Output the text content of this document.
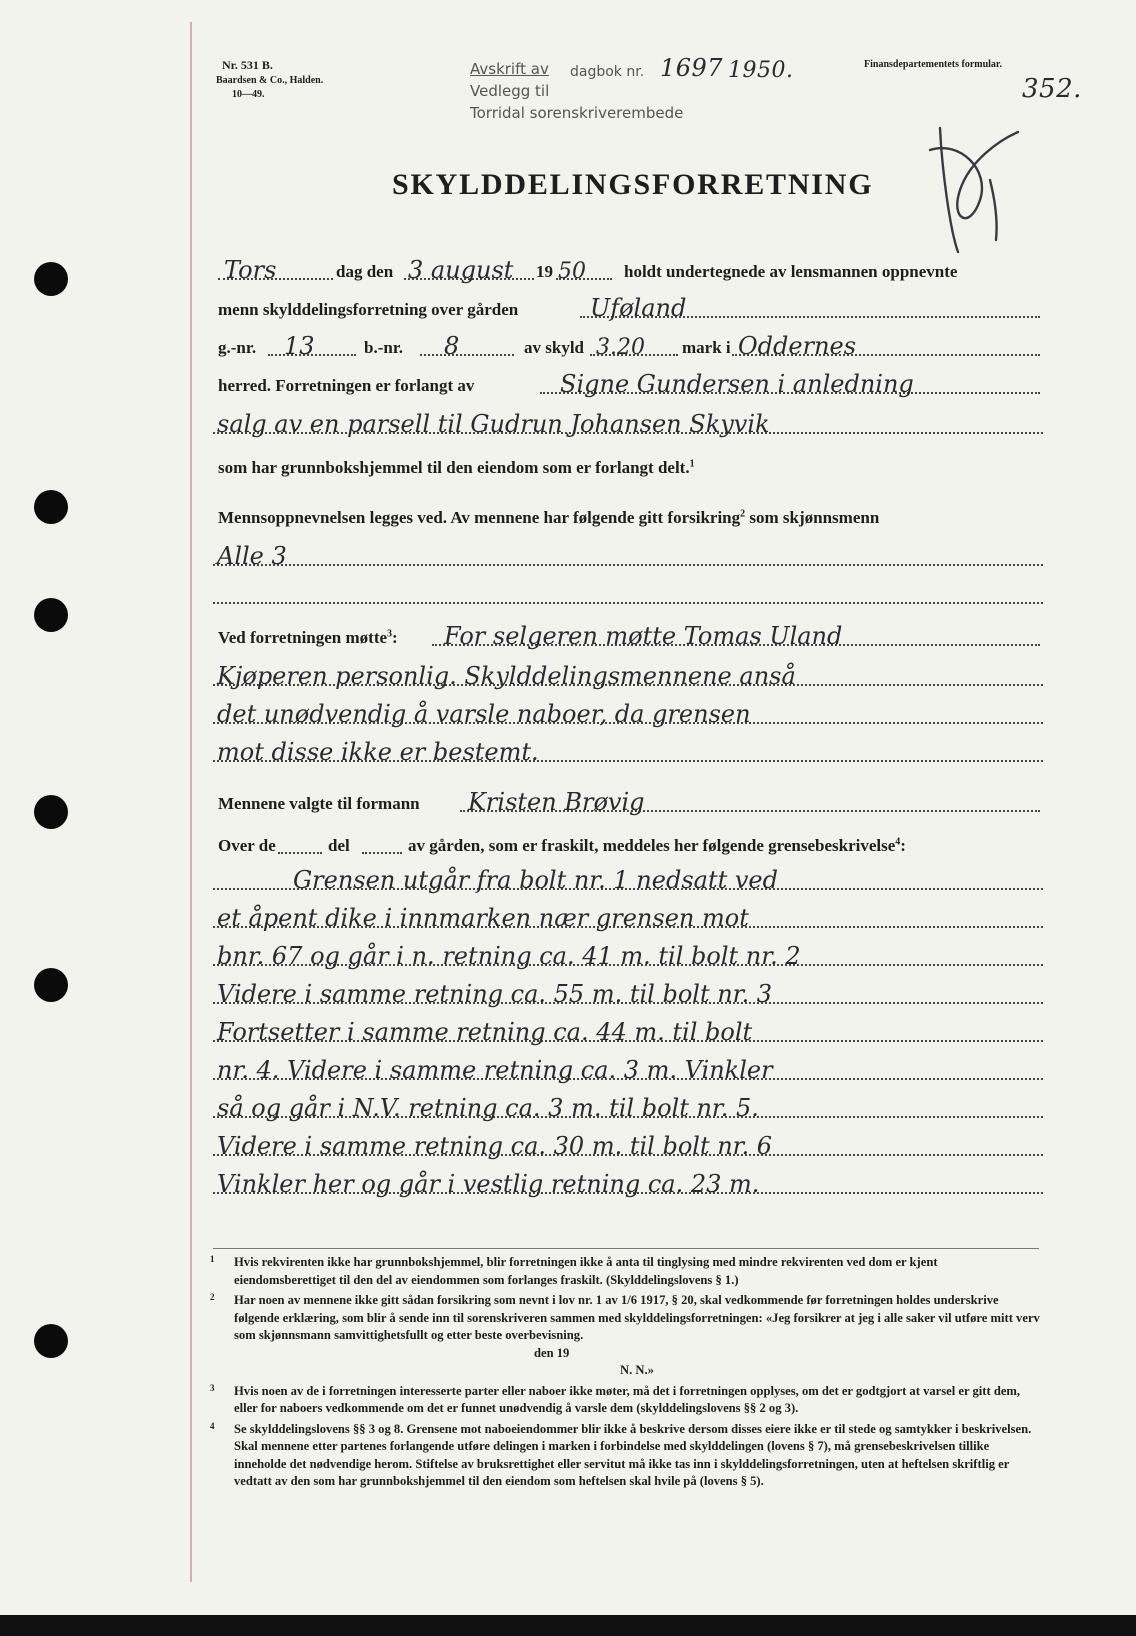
Nr. 531 B.
Baardsen & Co., Halden.
10—49.
Finansdepartementets formular.
352.
Avskrift av dagbok nr. 1697 1950.
Vedlegg til
Torridal sorenskriverembede
SKYLDDELINGSFORRETNING
Tors	dag den 3 august 19 50 holdt undertegnede av lensmannen oppnevnte
menn skylddelingsforretning over gården	Uføland
g.-nr. 13	b.-nr. 8	av skyld 3.20 mark i Oddernes
herred. Forretningen er forlangt av	Signe Gundersen i anledning
salg av en parsell til Gudrun Johansen Skyvik
som har grunnbokshjemmel til den eiendom som er forlangt delt.$^1$
Mennsoppnevnelsen legges ved. Av mennene har følgende gitt forsikring$^2$ som skjønnsmenn
Alle 3
Ved forretningen møtte$^3$: For selgeren møtte Tomas Uland
Kjøperen personlig. Skylddelingsmennene anså
det unødvendig å varsle naboer, da grensen
mot disse ikke er bestemt.
Mennene valgte til formann Kristen Brøvig
Over de	del	av gården, som er fraskilt, meddeles her følgende grensebeskrivelse$^4$:
Grensen utgår fra bolt nr. 1 nedsatt ved
et åpent dike i innmarken nær grensen mot
bnr. 67 og går i n. retning ca. 41 m. til bolt nr. 2
Videre i samme retning ca. 55 m. til bolt nr. 3
Fortsetter i samme retning ca. 44 m. til bolt
nr. 4. Videre i samme retning ca. 3 m. Vinkler
så og går i N.V. retning ca. 3 m. til bolt nr. 5.
Videre i samme retning ca. 30 m. til bolt nr. 6
Vinkler her og går i vestlig retning ca. 23 m.
1 Hvis rekvirenten ikke har grunnbokshjemmel, blir forretningen ikke å anta til tinglysing med mindre rekvirenten ved dom er kjent eiendomsberettiget til den del av eiendommen som forlanges fraskilt. (Skylddelingslovens § 1.)

2 Har noen av mennene ikke gitt sådan forsikring som nevnt i lov nr. 1 av 1/6 1917, § 20, skal vedkommende før forretningen holdes underskrive følgende erklæring, som blir å sende inn til sorenskriveren sammen med skylddelingsforretningen: «Jeg forsikrer at jeg i alle saker vil utføre mitt verv som skjønnsmann samvittighetsfullt og etter beste overbevisning.

den 19

N. N.»

3 Hvis noen av de i forretningen interesserte parter eller naboer ikke møter, må det i forretningen opplyses, om det er godtgjort at varsel er gitt dem, eller for naboers vedkommende om det er funnet unødvendig å varsle dem (skylddelingslovens §§ 2 og 3).

4 Se skylddelingslovens §§ 3 og 8. Grensene mot naboeiendommer blir ikke å beskrive dersom disses eiere ikke er til stede og samtykker i beskrivelsen. Skal mennene etter partenes forlangende utføre delingen i marken i forbindelse med skylddelingen (lovens § 7), må grensebeskrivelsen tillike inneholde det nødvendige herom. Stiftelse av bruksrettighet eller servitut må ikke tas inn i skylddelingsforretningen, uten at heftelsen skriftlig er vedtatt av den som har grunnbokshjemmel til den eiendom som heftelsen skal hvile på (lovens § 5).
